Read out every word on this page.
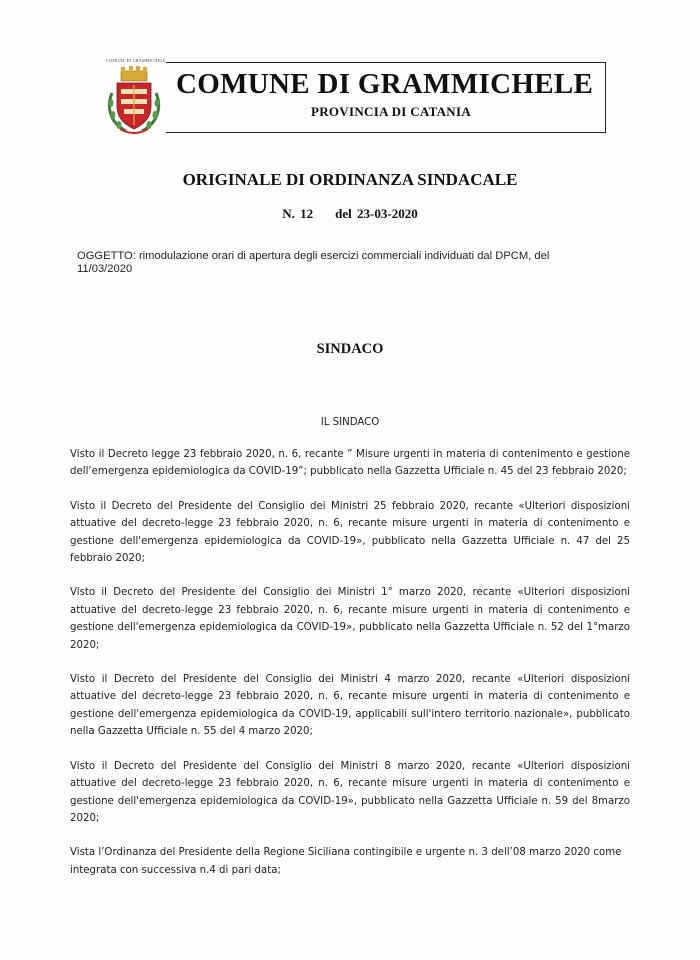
COMUNE DI GRAMMICHELE
COMUNE DI GRAMMICHELE
PROVINCIA DI CATANIA
ORIGINALE DI ORDINANZA SINDACALE
N. 12 del 23-03-2020
OGGETTO: rimodulazione orari di apertura degli esercizi commerciali individuati dal DPCM, del 11/03/2020
SINDACO
IL SINDACO

Visto il Decreto legge 23 febbraio 2020, n. 6, recante ” Misure urgenti in materia di contenimento e gestione dell’emergenza epidemiologica da COVID-19”; pubblicato nella Gazzetta Ufficiale n. 45 del 23 febbraio 2020;

Visto il Decreto del Presidente del Consiglio dei Ministri 25 febbraio 2020, recante «Ulteriori disposizioni attuative del decreto-legge 23 febbraio 2020, n. 6, recante misure urgenti in materia di contenimento e gestione dell'emergenza epidemiologica da COVID-19», pubblicato nella Gazzetta Ufficiale n. 47 del 25 febbraio 2020;

Visto il Decreto del Presidente del Consiglio dei Ministri 1° marzo 2020, recante «Ulteriori disposizioni attuative del decreto-legge 23 febbraio 2020, n. 6, recante misure urgenti in materia di contenimento e gestione dell'emergenza epidemiologica da COVID-19», pubblicato nella Gazzetta Ufficiale n. 52 del 1°marzo 2020;

Visto il Decreto del Presidente del Consiglio dei Ministri 4 marzo 2020, recante «Ulteriori disposizioni attuative del decreto-legge 23 febbraio 2020, n. 6, recante misure urgenti in materia di contenimento e gestione dell'emergenza epidemiologica da COVID-19, applicabili sull'intero territorio nazionale», pubblicato nella Gazzetta Ufficiale n. 55 del 4 marzo 2020;

Visto il Decreto del Presidente del Consiglio dei Ministri 8 marzo 2020, recante «Ulteriori disposizioni attuative del decreto-legge 23 febbraio 2020, n. 6, recante misure urgenti in materia di contenimento e gestione dell'emergenza epidemiologica da COVID-19», pubblicato nella Gazzetta Ufficiale n. 59 del 8marzo 2020;

Vista l’Ordinanza del Presidente della Regione Siciliana contingibile e urgente n. 3 dell’08 marzo 2020 come integrata con successiva n.4 di pari data;
